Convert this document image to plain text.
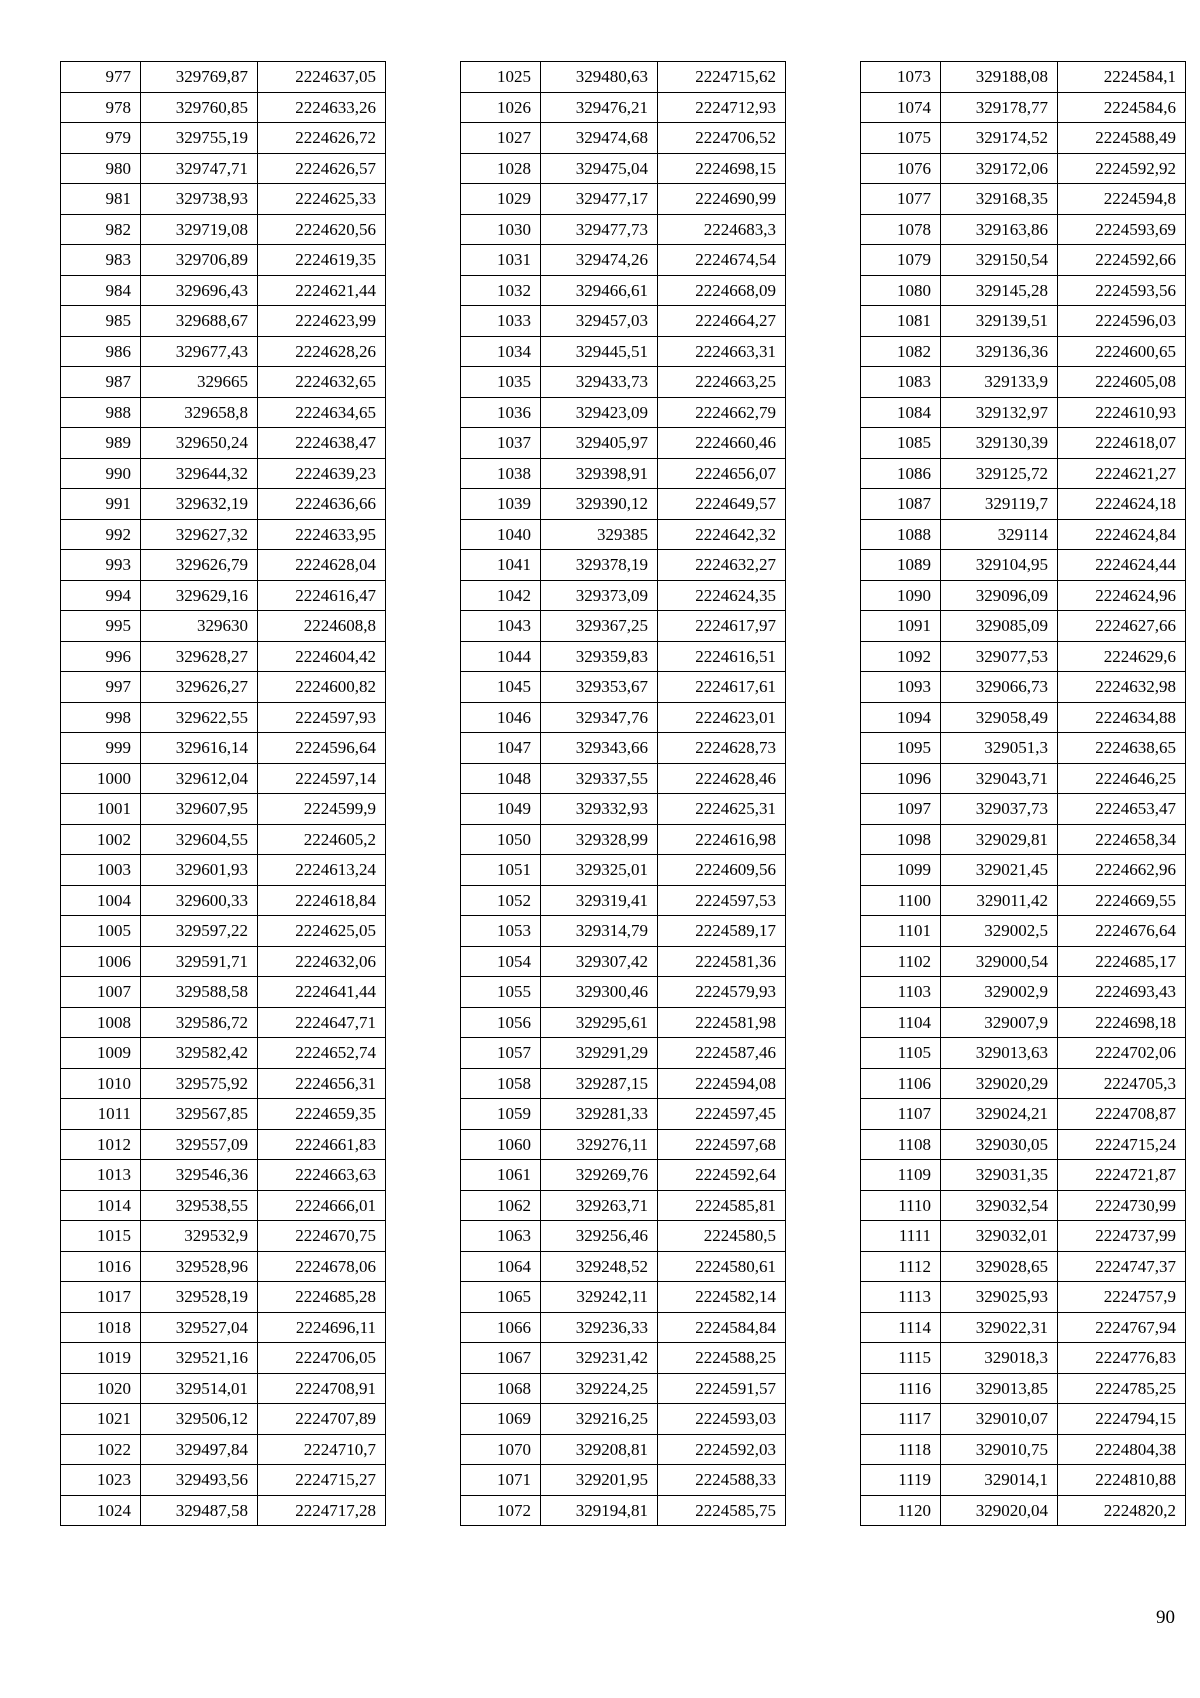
977	329769,87	2224637,05
978	329760,85	2224633,26
979	329755,19	2224626,72
980	329747,71	2224626,57
981	329738,93	2224625,33
982	329719,08	2224620,56
983	329706,89	2224619,35
984	329696,43	2224621,44
985	329688,67	2224623,99
986	329677,43	2224628,26
987	329665	2224632,65
988	329658,8	2224634,65
989	329650,24	2224638,47
990	329644,32	2224639,23
991	329632,19	2224636,66
992	329627,32	2224633,95
993	329626,79	2224628,04
994	329629,16	2224616,47
995	329630	2224608,8
996	329628,27	2224604,42
997	329626,27	2224600,82
998	329622,55	2224597,93
999	329616,14	2224596,64
1000	329612,04	2224597,14
1001	329607,95	2224599,9
1002	329604,55	2224605,2
1003	329601,93	2224613,24
1004	329600,33	2224618,84
1005	329597,22	2224625,05
1006	329591,71	2224632,06
1007	329588,58	2224641,44
1008	329586,72	2224647,71
1009	329582,42	2224652,74
1010	329575,92	2224656,31
1011	329567,85	2224659,35
1012	329557,09	2224661,83
1013	329546,36	2224663,63
1014	329538,55	2224666,01
1015	329532,9	2224670,75
1016	329528,96	2224678,06
1017	329528,19	2224685,28
1018	329527,04	2224696,11
1019	329521,16	2224706,05
1020	329514,01	2224708,91
1021	329506,12	2224707,89
1022	329497,84	2224710,7
1023	329493,56	2224715,27
1024	329487,58	2224717,28
1025	329480,63	2224715,62
1026	329476,21	2224712,93
1027	329474,68	2224706,52
1028	329475,04	2224698,15
1029	329477,17	2224690,99
1030	329477,73	2224683,3
1031	329474,26	2224674,54
1032	329466,61	2224668,09
1033	329457,03	2224664,27
1034	329445,51	2224663,31
1035	329433,73	2224663,25
1036	329423,09	2224662,79
1037	329405,97	2224660,46
1038	329398,91	2224656,07
1039	329390,12	2224649,57
1040	329385	2224642,32
1041	329378,19	2224632,27
1042	329373,09	2224624,35
1043	329367,25	2224617,97
1044	329359,83	2224616,51
1045	329353,67	2224617,61
1046	329347,76	2224623,01
1047	329343,66	2224628,73
1048	329337,55	2224628,46
1049	329332,93	2224625,31
1050	329328,99	2224616,98
1051	329325,01	2224609,56
1052	329319,41	2224597,53
1053	329314,79	2224589,17
1054	329307,42	2224581,36
1055	329300,46	2224579,93
1056	329295,61	2224581,98
1057	329291,29	2224587,46
1058	329287,15	2224594,08
1059	329281,33	2224597,45
1060	329276,11	2224597,68
1061	329269,76	2224592,64
1062	329263,71	2224585,81
1063	329256,46	2224580,5
1064	329248,52	2224580,61
1065	329242,11	2224582,14
1066	329236,33	2224584,84
1067	329231,42	2224588,25
1068	329224,25	2224591,57
1069	329216,25	2224593,03
1070	329208,81	2224592,03
1071	329201,95	2224588,33
1072	329194,81	2224585,75
1073	329188,08	2224584,1
1074	329178,77	2224584,6
1075	329174,52	2224588,49
1076	329172,06	2224592,92
1077	329168,35	2224594,8
1078	329163,86	2224593,69
1079	329150,54	2224592,66
1080	329145,28	2224593,56
1081	329139,51	2224596,03
1082	329136,36	2224600,65
1083	329133,9	2224605,08
1084	329132,97	2224610,93
1085	329130,39	2224618,07
1086	329125,72	2224621,27
1087	329119,7	2224624,18
1088	329114	2224624,84
1089	329104,95	2224624,44
1090	329096,09	2224624,96
1091	329085,09	2224627,66
1092	329077,53	2224629,6
1093	329066,73	2224632,98
1094	329058,49	2224634,88
1095	329051,3	2224638,65
1096	329043,71	2224646,25
1097	329037,73	2224653,47
1098	329029,81	2224658,34
1099	329021,45	2224662,96
1100	329011,42	2224669,55
1101	329002,5	2224676,64
1102	329000,54	2224685,17
1103	329002,9	2224693,43
1104	329007,9	2224698,18
1105	329013,63	2224702,06
1106	329020,29	2224705,3
1107	329024,21	2224708,87
1108	329030,05	2224715,24
1109	329031,35	2224721,87
1110	329032,54	2224730,99
1111	329032,01	2224737,99
1112	329028,65	2224747,37
1113	329025,93	2224757,9
1114	329022,31	2224767,94
1115	329018,3	2224776,83
1116	329013,85	2224785,25
1117	329010,07	2224794,15
1118	329010,75	2224804,38
1119	329014,1	2224810,88
1120	329020,04	2224820,2
90
